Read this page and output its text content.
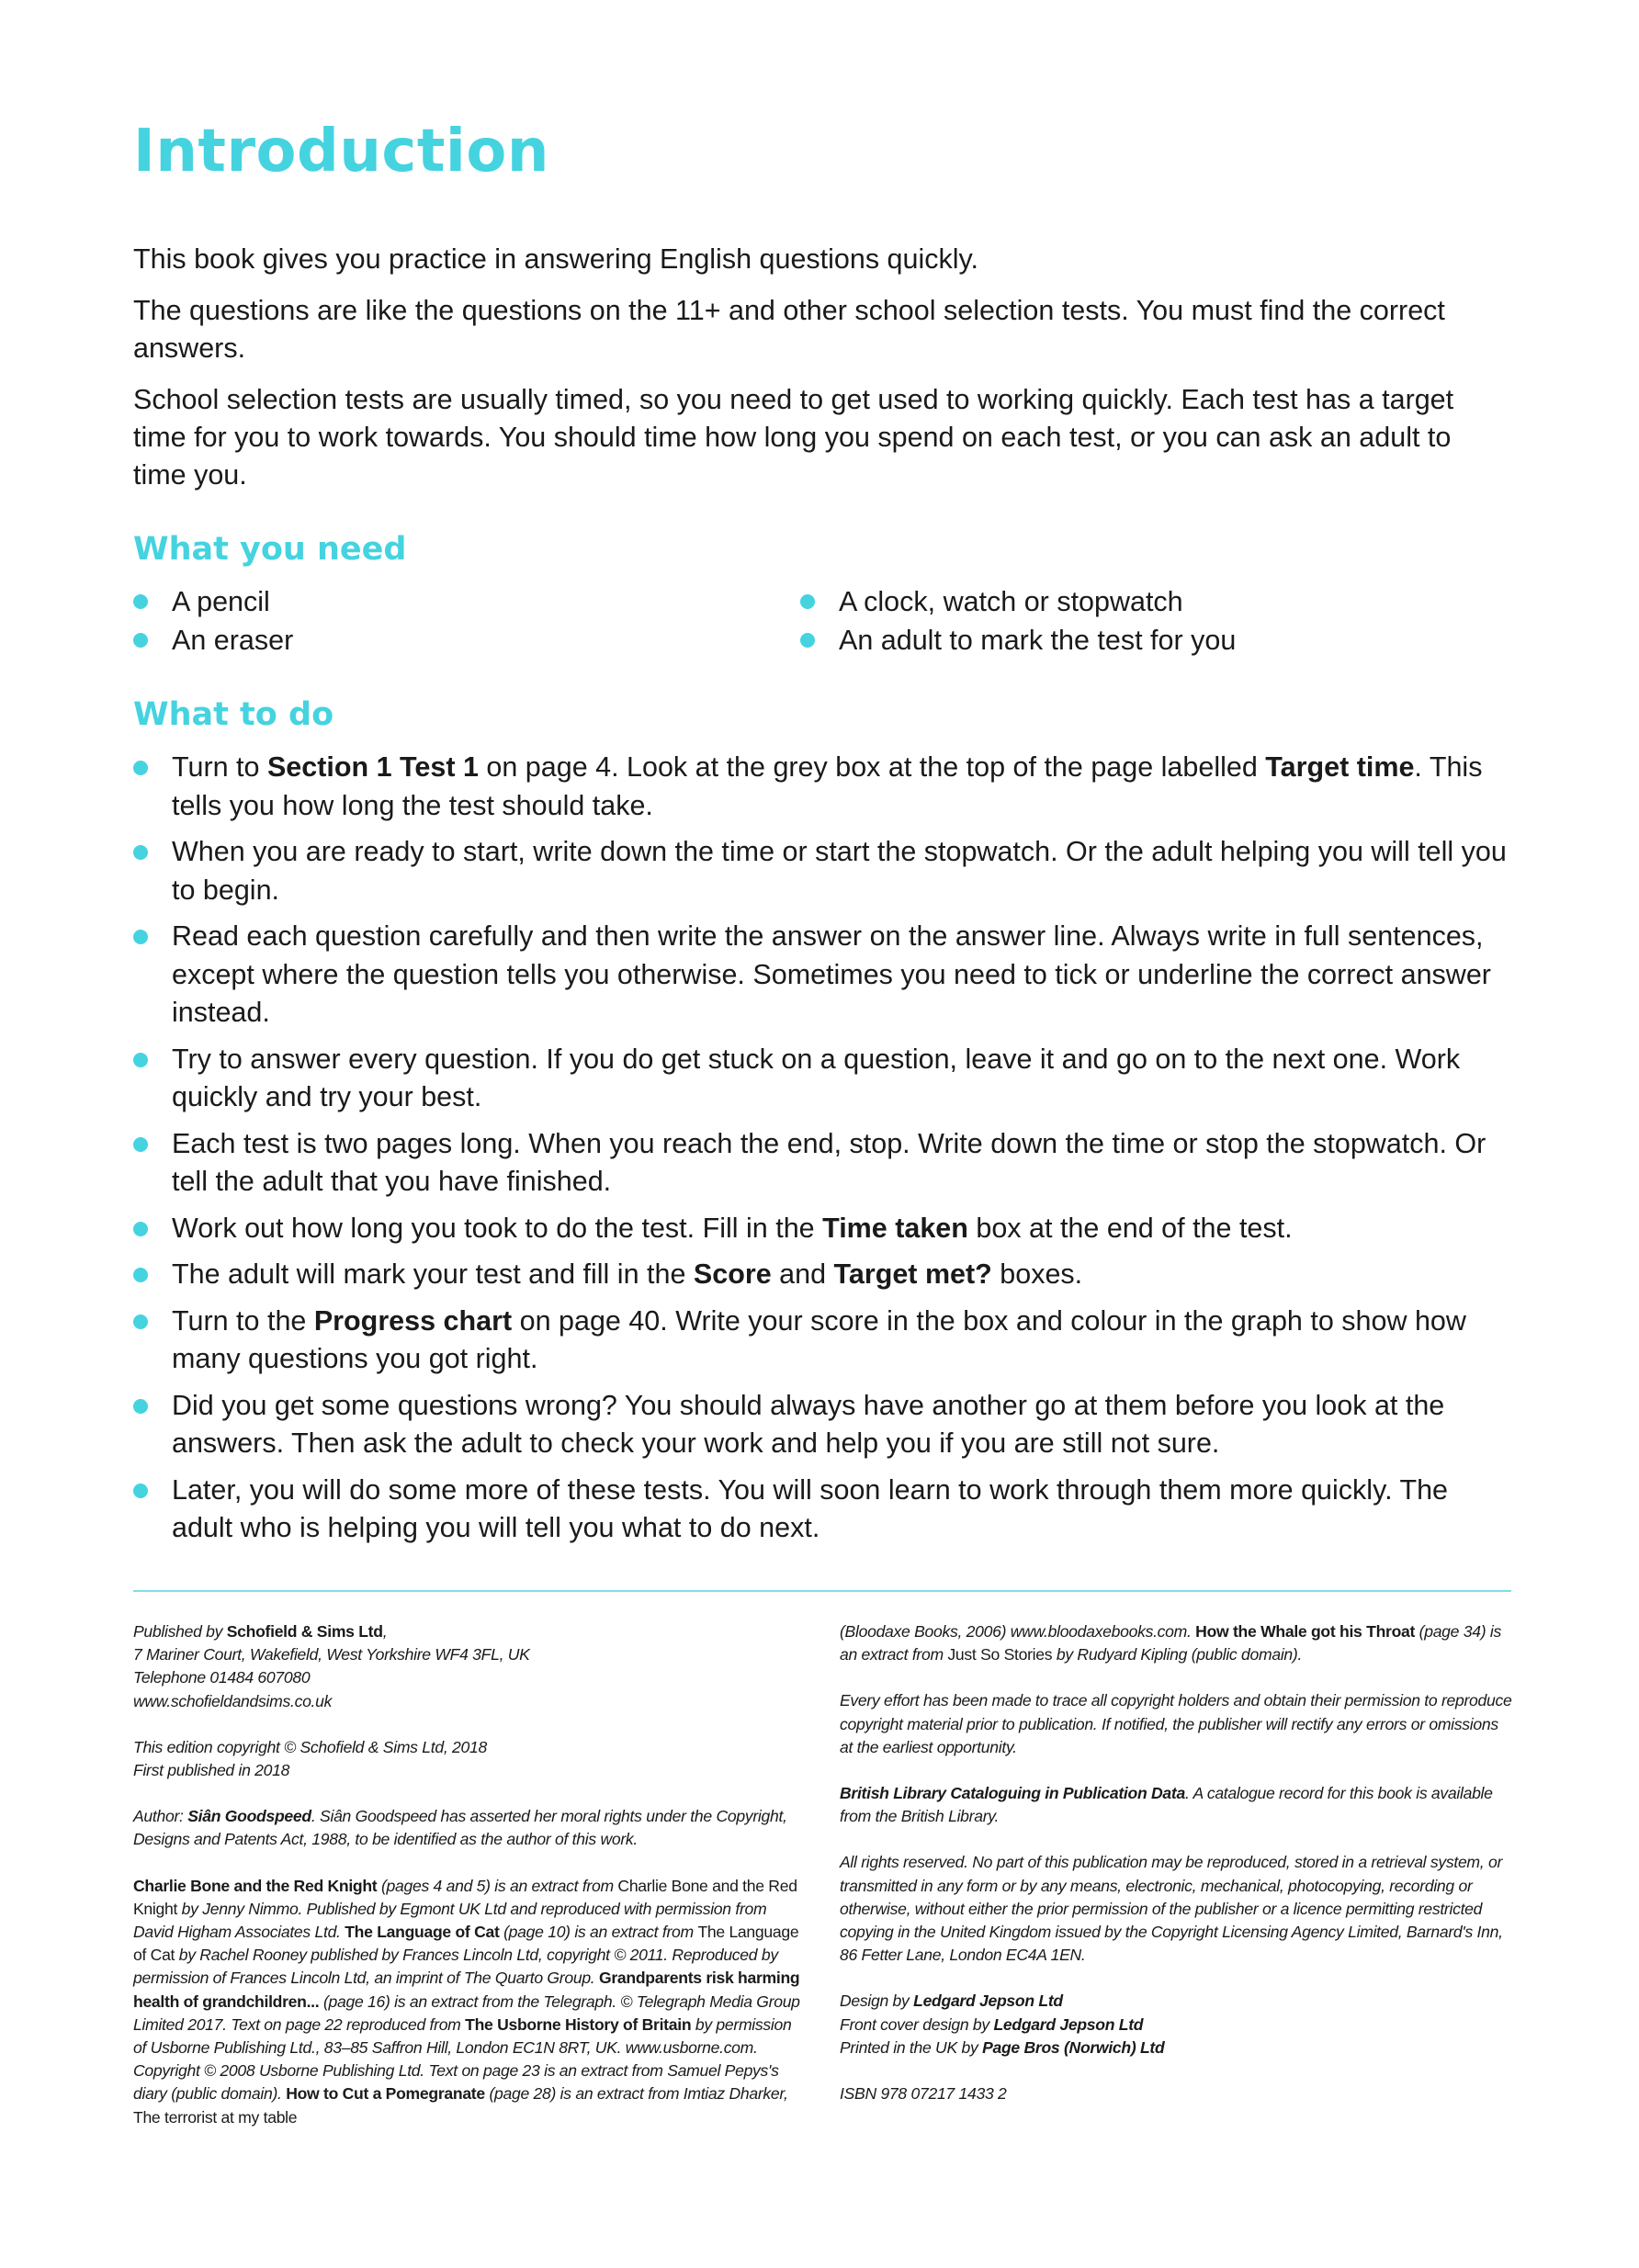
Introduction

This book gives you practice in answering English questions quickly.

The questions are like the questions on the 11+ and other school selection tests. You must find the correct answers.

School selection tests are usually timed, so you need to get used to working quickly. Each test has a target time for you to work towards. You should time how long you spend on each test, or you can ask an adult to time you.

What you need
A pencil
An eraser
A clock, watch or stopwatch
An adult to mark the test for you
What to do
Turn to Section 1 Test 1 on page 4. Look at the grey box at the top of the page labelled Target time. This tells you how long the test should take.
When you are ready to start, write down the time or start the stopwatch. Or the adult helping you will tell you to begin.
Read each question carefully and then write the answer on the answer line. Always write in full sentences, except where the question tells you otherwise. Sometimes you need to tick or underline the correct answer instead.
Try to answer every question. If you do get stuck on a question, leave it and go on to the next one. Work quickly and try your best.
Each test is two pages long. When you reach the end, stop. Write down the time or stop the stopwatch. Or tell the adult that you have finished.
Work out how long you took to do the test. Fill in the Time taken box at the end of the test.
The adult will mark your test and fill in the Score and Target met? boxes.
Turn to the Progress chart on page 40. Write your score in the box and colour in the graph to show how many questions you got right.
Did you get some questions wrong? You should always have another go at them before you look at the answers. Then ask the adult to check your work and help you if you are still not sure.
Later, you will do some more of these tests. You will soon learn to work through them more quickly. The adult who is helping you will tell you what to do next.

Published by Schofield & Sims Ltd,
7 Mariner Court, Wakefield, West Yorkshire WF4 3FL, UK
Telephone 01484 607080
www.schofieldandsims.co.uk

This edition copyright © Schofield & Sims Ltd, 2018
First published in 2018

Author: Siân Goodspeed. Siân Goodspeed has asserted her moral rights under the Copyright, Designs and Patents Act, 1988, to be identified as the author of this work.

Charlie Bone and the Red Knight (pages 4 and 5) is an extract from Charlie Bone and the Red Knight by Jenny Nimmo. Published by Egmont UK Ltd and reproduced with permission from David Higham Associates Ltd. The Language of Cat (page 10) is an extract from The Language of Cat by Rachel Rooney published by Frances Lincoln Ltd, copyright © 2011. Reproduced by permission of Frances Lincoln Ltd, an imprint of The Quarto Group. Grandparents risk harming health of grandchildren... (page 16) is an extract from the Telegraph. © Telegraph Media Group Limited 2017. Text on page 22 reproduced from The Usborne History of Britain by permission of Usborne Publishing Ltd., 83–85 Saffron Hill, London EC1N 8RT, UK. www.usborne.com. Copyright © 2008 Usborne Publishing Ltd. Text on page 23 is an extract from Samuel Pepys's diary (public domain). How to Cut a Pomegranate (page 28) is an extract from Imtiaz Dharker, The terrorist at my table

(Bloodaxe Books, 2006) www.bloodaxebooks.com. How the Whale got his Throat (page 34) is an extract from Just So Stories by Rudyard Kipling (public domain).

Every effort has been made to trace all copyright holders and obtain their permission to reproduce copyright material prior to publication. If notified, the publisher will rectify any errors or omissions at the earliest opportunity.

British Library Cataloguing in Publication Data. A catalogue record for this book is available from the British Library.

All rights reserved. No part of this publication may be reproduced, stored in a retrieval system, or transmitted in any form or by any means, electronic, mechanical, photocopying, recording or otherwise, without either the prior permission of the publisher or a licence permitting restricted copying in the United Kingdom issued by the Copyright Licensing Agency Limited, Barnard's Inn, 86 Fetter Lane, London EC4A 1EN.

Design by Ledgard Jepson Ltd
Front cover design by Ledgard Jepson Ltd
Printed in the UK by Page Bros (Norwich) Ltd

ISBN 978 07217 1433 2
